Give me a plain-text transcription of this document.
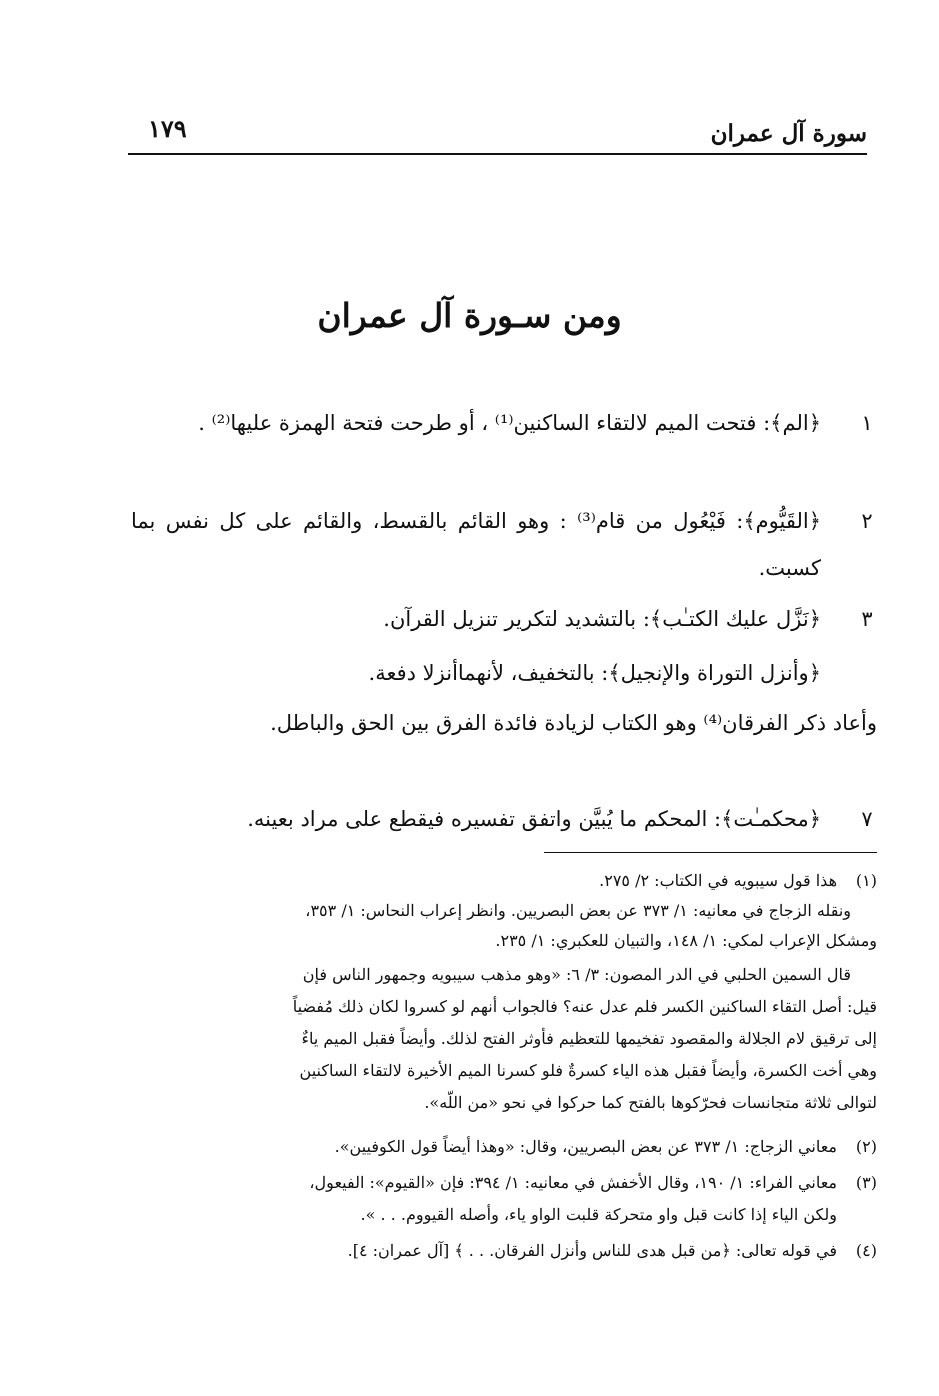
سورة آل عمران
١٧٩
ومن سـورة آل عمران
١
﴿الم﴾: فتحت الميم لالتقاء الساكنين⁽¹⁾ ، أو طرحت فتحة الهمزة عليها⁽²⁾ .
٢
﴿القَيُّوم﴾: فَيْعُول من قام⁽³⁾ : وهو القائم بالقسط، والقائم على كل نفس بما كسبت.
٣
﴿نَزَّل عليك الكتـٰب﴾: بالتشديد لتكرير تنزيل القرآن.
﴿وأنزل التوراة والإنجيل﴾: بالتخفيف، لأنهماأنزلا دفعة.
وأعاد ذكر الفرقان⁽⁴⁾ وهو الكتاب لزيادة فائدة الفرق بين الحق والباطل.
٧
﴿محكمـٰت﴾: المحكم ما يُبيَّن واتفق تفسيره فيقطع على مراد بعينه.
(١)
هذا قول سيبويه في الكتاب: ٢/ ٢٧٥.
ونقله الزجاج في معانيه: ١/ ٣٧٣ عن بعض البصريين. وانظر إعراب النحاس: ١/ ٣٥٣،
ومشكل الإعراب لمكي: ١/ ١٤٨، والتبيان للعكبري: ١/ ٢٣٥.
قال السمين الحلبي في الدر المصون: ٣/ ٦: «وهو مذهب سيبويه وجمهور الناس فإن
قيل: أصل التقاء الساكنين الكسر فلم عدل عنه؟ فالجواب أنهم لو كسروا لكان ذلك مُفضياً
إلى ترقيق لام الجلالة والمقصود تفخيمها للتعظيم فأوثر الفتح لذلك. وأيضاً فقبل الميم ياءٌ
وهي أخت الكسرة، وأيضاً فقبل هذه الياء كسرةٌ فلو كسرنا الميم الأخيرة لالتقاء الساكنين
لتوالى ثلاثة متجانسات فحرّكوها بالفتح كما حركوا في نحو «من اللّه».
(٢)
معاني الزجاج: ١/ ٣٧٣ عن بعض البصريين، وقال: «وهذا أيضاً قول الكوفيين».
(٣)
معاني الفراء: ١/ ١٩٠، وقال الأخفش في معانيه: ١/ ٣٩٤: فإن «القيوم»: الفيعول،
ولكن الياء إذا كانت قبل واو متحركة قلبت الواو ياء، وأصله القيووم. . . ».
(٤)
في قوله تعالى: ﴿من قبل هدى للناس وأنزل الفرقان. . . ﴾ [آل عمران: ٤].
